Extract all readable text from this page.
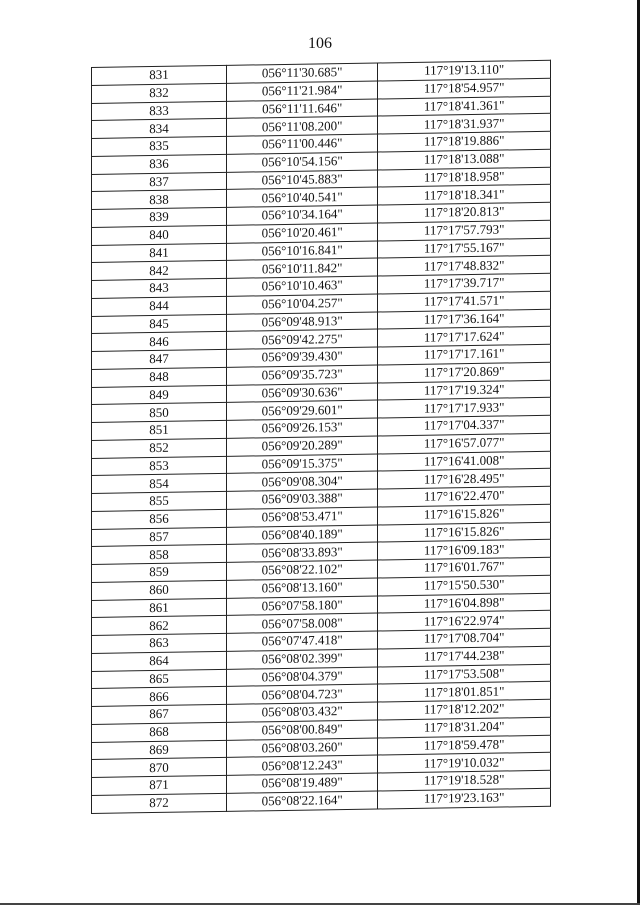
106
831	056°11'30.685"	117°19'13.110"
832	056°11'21.984"	117°18'54.957"
833	056°11'11.646"	117°18'41.361"
834	056°11'08.200"	117°18'31.937"
835	056°11'00.446"	117°18'19.886"
836	056°10'54.156"	117°18'13.088"
837	056°10'45.883"	117°18'18.958"
838	056°10'40.541"	117°18'18.341"
839	056°10'34.164"	117°18'20.813"
840	056°10'20.461"	117°17'57.793"
841	056°10'16.841"	117°17'55.167"
842	056°10'11.842"	117°17'48.832"
843	056°10'10.463"	117°17'39.717"
844	056°10'04.257"	117°17'41.571"
845	056°09'48.913"	117°17'36.164"
846	056°09'42.275"	117°17'17.624"
847	056°09'39.430"	117°17'17.161"
848	056°09'35.723"	117°17'20.869"
849	056°09'30.636"	117°17'19.324"
850	056°09'29.601"	117°17'17.933"
851	056°09'26.153"	117°17'04.337"
852	056°09'20.289"	117°16'57.077"
853	056°09'15.375"	117°16'41.008"
854	056°09'08.304"	117°16'28.495"
855	056°09'03.388"	117°16'22.470"
856	056°08'53.471"	117°16'15.826"
857	056°08'40.189"	117°16'15.826"
858	056°08'33.893"	117°16'09.183"
859	056°08'22.102"	117°16'01.767"
860	056°08'13.160"	117°15'50.530"
861	056°07'58.180"	117°16'04.898"
862	056°07'58.008"	117°16'22.974"
863	056°07'47.418"	117°17'08.704"
864	056°08'02.399"	117°17'44.238"
865	056°08'04.379"	117°17'53.508"
866	056°08'04.723"	117°18'01.851"
867	056°08'03.432"	117°18'12.202"
868	056°08'00.849"	117°18'31.204"
869	056°08'03.260"	117°18'59.478"
870	056°08'12.243"	117°19'10.032"
871	056°08'19.489"	117°19'18.528"
872	056°08'22.164"	117°19'23.163"
